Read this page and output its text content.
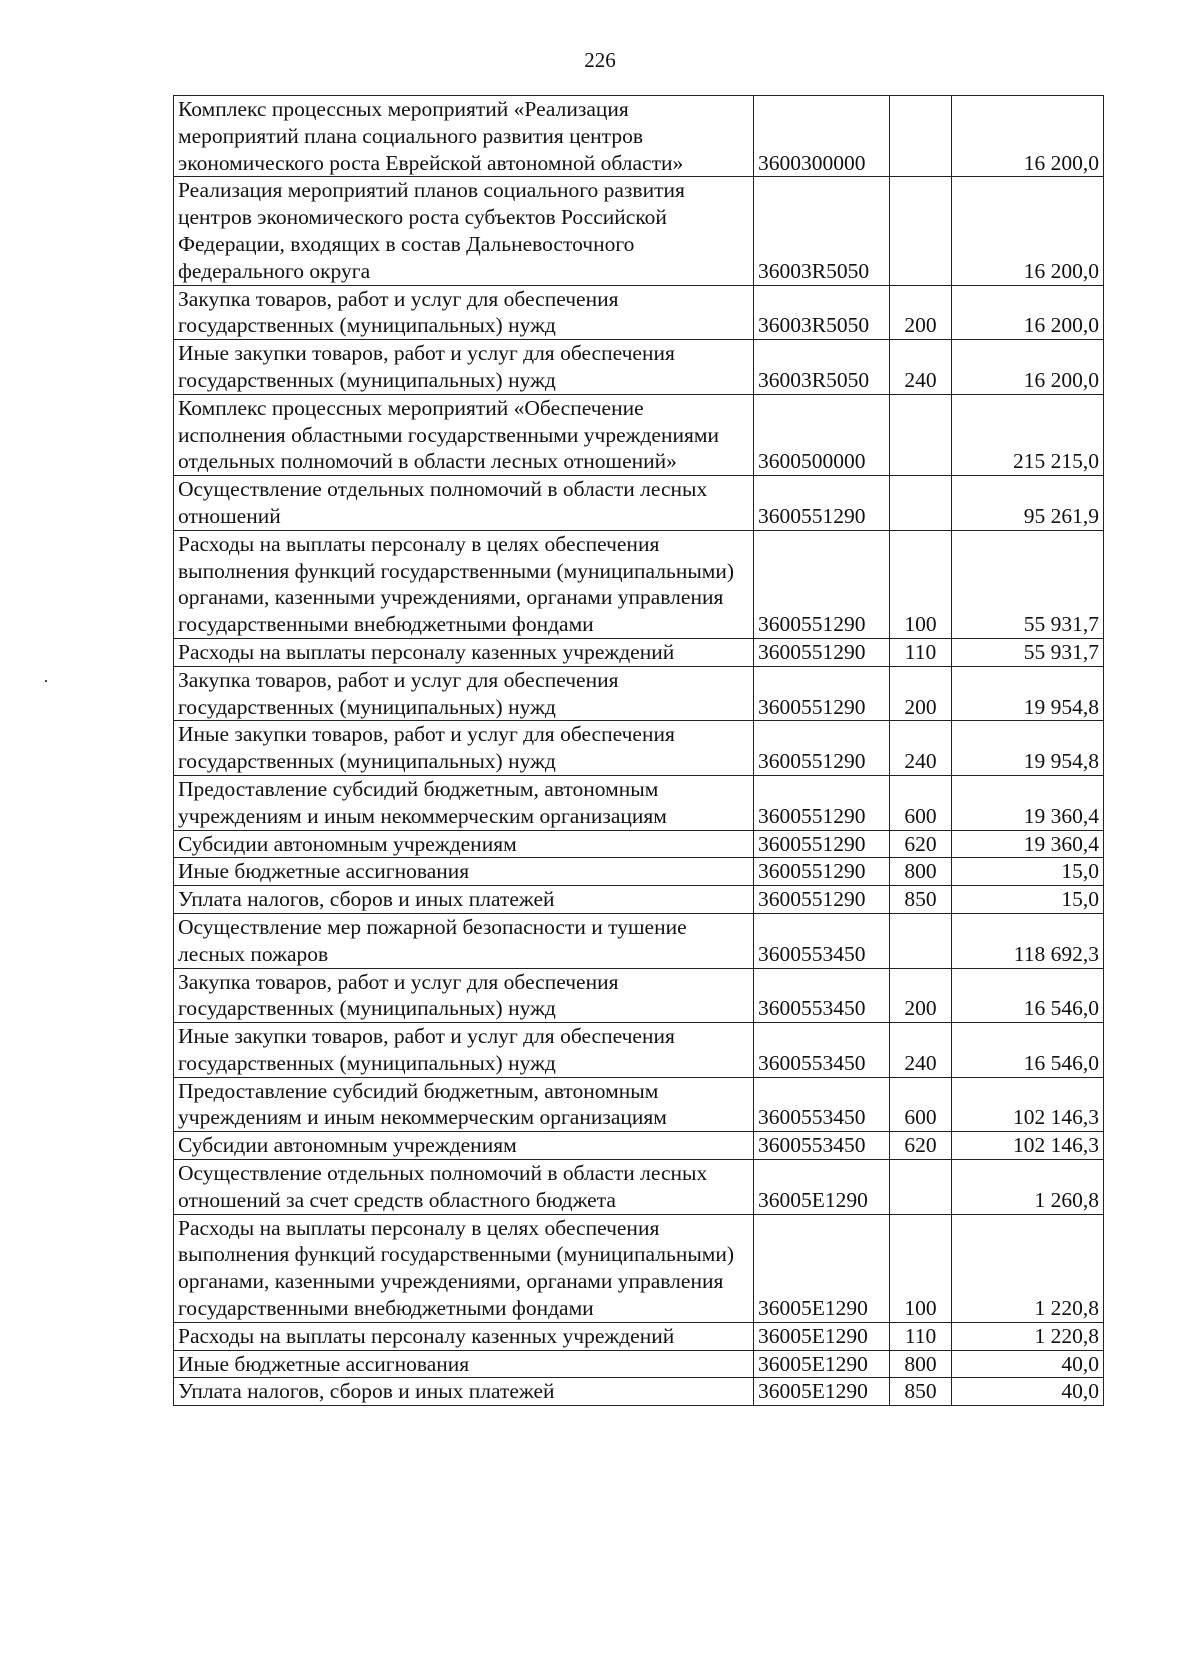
226
Комплекс процессных мероприятий «Реализация мероприятий плана социального развития центров экономического роста Еврейской автономной области»	3600300000		16 200,0
Реализация мероприятий планов социального развития центров экономического роста субъектов Российской Федерации, входящих в состав Дальневосточного федерального округа	36003R5050		16 200,0
Закупка товаров, работ и услуг для обеспечения государственных (муниципальных) нужд	36003R5050	200	16 200,0
Иные закупки товаров, работ и услуг для обеспечения государственных (муниципальных) нужд	36003R5050	240	16 200,0
Комплекс процессных мероприятий «Обеспечение исполнения областными государственными учреждениями отдельных полномочий в области лесных отношений»	3600500000		215 215,0
Осуществление отдельных полномочий в области лесных отношений	3600551290		95 261,9
Расходы на выплаты персоналу в целях обеспечения выполнения функций государственными (муниципальными) органами, казенными учреждениями, органами управления государственными внебюджетными фондами	3600551290	100	55 931,7
Расходы на выплаты персоналу казенных учреждений	3600551290	110	55 931,7
Закупка товаров, работ и услуг для обеспечения государственных (муниципальных) нужд	3600551290	200	19 954,8
Иные закупки товаров, работ и услуг для обеспечения государственных (муниципальных) нужд	3600551290	240	19 954,8
Предоставление субсидий бюджетным, автономным учреждениям и иным некоммерческим организациям	3600551290	600	19 360,4
Субсидии автономным учреждениям	3600551290	620	19 360,4
Иные бюджетные ассигнования	3600551290	800	15,0
Уплата налогов, сборов и иных платежей	3600551290	850	15,0
Осуществление мер пожарной безопасности и тушение лесных пожаров	3600553450		118 692,3
Закупка товаров, работ и услуг для обеспечения государственных (муниципальных) нужд	3600553450	200	16 546,0
Иные закупки товаров, работ и услуг для обеспечения государственных (муниципальных) нужд	3600553450	240	16 546,0
Предоставление субсидий бюджетным, автономным учреждениям и иным некоммерческим организациям	3600553450	600	102 146,3
Субсидии автономным учреждениям	3600553450	620	102 146,3
Осуществление отдельных полномочий в области лесных отношений за счет средств областного бюджета	36005Е1290		1 260,8
Расходы на выплаты персоналу в целях обеспечения выполнения функций государственными (муниципальными) органами, казенными учреждениями, органами управления государственными внебюджетными фондами	36005Е1290	100	1 220,8
Расходы на выплаты персоналу казенных учреждений	36005Е1290	110	1 220,8
Иные бюджетные ассигнования	36005Е1290	800	40,0
Уплата налогов, сборов и иных платежей	36005Е1290	850	40,0
